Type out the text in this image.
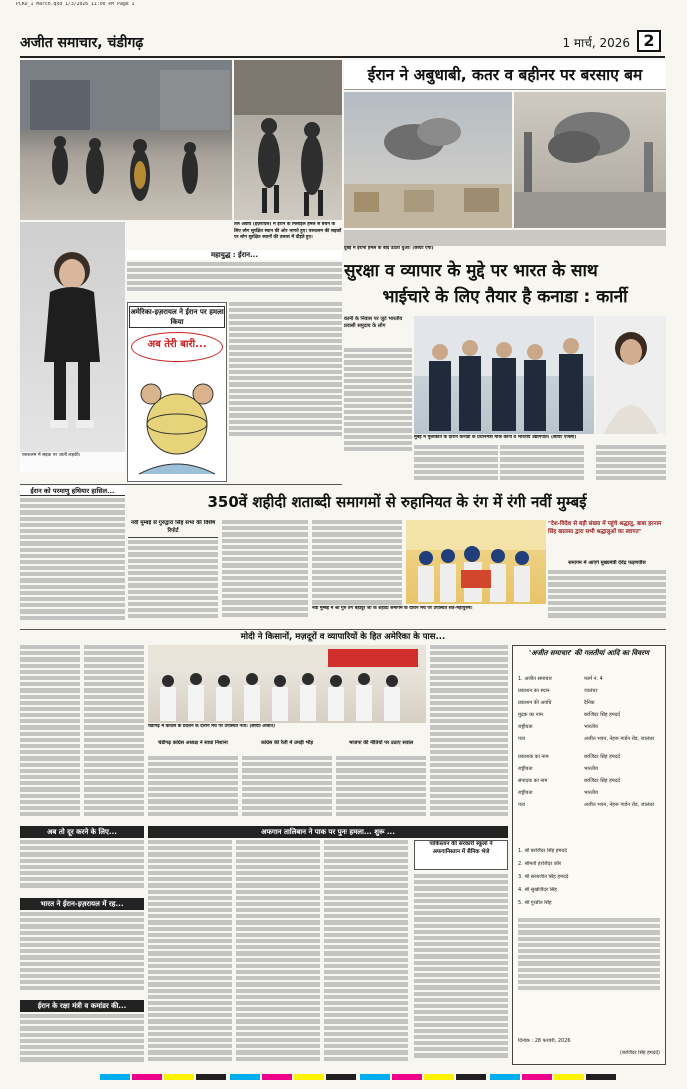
PCKD_1 March.qxd 1/3/2026 11:00 PM Page 1
अजीत समाचार, चंडीगढ़	1 मार्च, 2026 2
यरुशलम में सड़क पर जाती लड़की।
तेल अवीव (इज़रायल) में ईरान के मिसाइल हमले से बचने के लिए लोग सुरक्षित स्थान की ओर भागते हुए। यरुशलम की सड़कों पर लोग सुरक्षित स्थानों की तलाश में दौड़ते हुए।
ईरान ने अबुधाबी, कतर व बहीनर पर बरसाए बम
दुबई में ईरानी हमले के बाद उठता धुआं। (छायाः एपी)
महायुद्ध : ईरान...
अमेरिका-इज़रायल ने ईरान पर हमला किया
अब तेरी बारी...
सुरक्षा व व्यापार के मुद्दे पर भारत के साथ
भाईचारे के लिए तैयार है कनाडा : कार्नी
कार्नी के निवास पर जुटे भारतीय प्रवासी समुदाय के लोग
मुंबई में मुलाकात के दौरान कनाडा के प्रधानमंत्री मार्क कार्नी व भारतीय उद्योगपति। (छायाः एजेंसी)
ईरान को परमाणु हथियार हासिल...
350वें शहीदी शताब्दी समागमों से रुहानियत के रंग में रंगी नवीं मुम्बई
नवीं मुम्बई से गुरुद्वारा सिंह सभा की विशेष रिपोर्ट
नवीं मुम्बई में श्री गुरु तेग बहादुर जी के शहीदी समागम के दौरान मंच पर उपस्थित संत-महापुरुष।
"देश-विदेश से बड़ी संख्या में पहुंचे श्रद्धालु, बाबा हरनाम सिंह खालसा द्वारा सभी श्रद्धालुओं का स्वागत"
समागम में आएंगे मुख्यमंत्री देवेंद्र फड़णवीस
मोदी ने किसानों, मज़दूरों व व्यापारियों के हित अमेरिका के पास...
चंडीगढ़ में कांग्रेस के प्रदर्शन के दौरान मंच पर उपस्थित नेता। (छायाः अजीत)
चंडीगढ़ कांग्रेस अध्यक्ष ने साधा निशाना	कांग्रेस की रैली में उमड़ी भीड़	भाजपा की नीतियों पर उठाए सवाल
'अजीत समाचार' की गलतीयां आदि का विवरण
1. अजीत समाचार	फार्म नं. 4
प्रकाशन का स्थान	जालंधर
प्रकाशन की अवधि	दैनिक
मुद्रक का नाम	बरजिंदर सिंह हमदर्द
राष्ट्रीयता	भारतीय
पता	अजीत भवन, नेहरू गार्डन रोड, जालंधर
प्रकाशक का नाम	बरजिंदर सिंह हमदर्द
राष्ट्रीयता	भारतीय
संपादक का नाम	बरजिंदर सिंह हमदर्द
राष्ट्रीयता	भारतीय
पता	अजीत भवन, नेहरू गार्डन रोड, जालंधर
1. श्री बरजिंदर सिंह हमदर्द
2. श्रीमती हरजिंदर कौर
3. श्री सरबजीत सिंह हमदर्द
4. श्री सुखजिंदर सिंह
5. श्री गुरप्रीत सिंह
दिनांक : 28 फरवरी, 2026
(बरजिंदर सिंह हमदर्द)
अब तो दूर करने के लिए...
भारत ने ईरान-इज़रायल में रह...
ईरान के रक्षा मंत्री व कमांडर की...
अफगान तालिबान ने पाक पर पुनः हमला... शुरू ...
पाकिस्तान की सरकारी स्कूलों ने अफगानिस्तान में सैनिक भेजे
